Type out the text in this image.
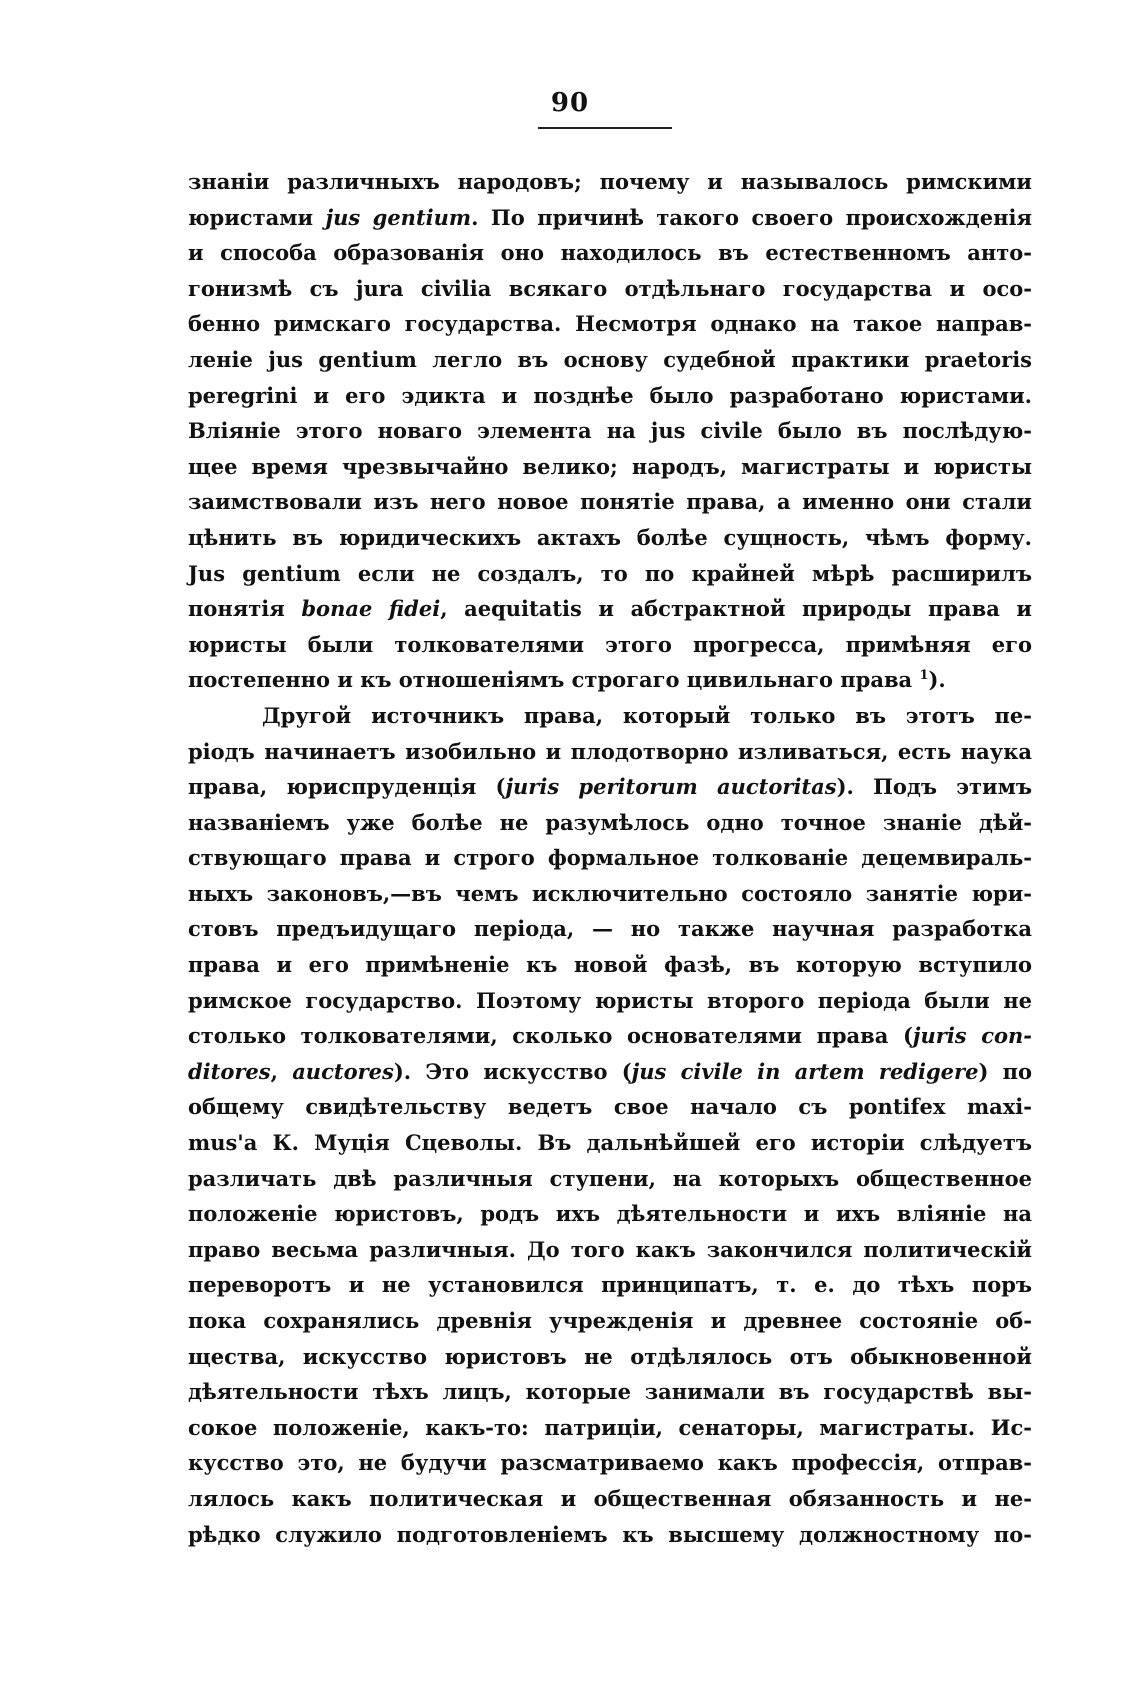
90
знанiи различныхъ народовъ; почему и называлось римскими
юристами jus gentium. По причинѣ такого своего происхожденiя
и способа образованiя оно находилось въ естественномъ анто-
гонизмѣ съ jura civilia всякаго отдѣльнаго государства и осо-
бенно римскаго государства. Несмотря однако на такое направ-
ленiе jus gentium легло въ основу судебной практики praetoris
peregrini и его эдикта и позднѣе было разработано юристами.
Влiянiе этого новаго элемента на jus civile было въ послѣдую-
щее время чрезвычайно велико; народъ, магистраты и юристы
заимствовали изъ него новое понятiе права, а именно они стали
цѣнить въ юридическихъ актахъ болѣе сущность, чѣмъ форму.
Jus gentium если не создалъ, то по крайней мѣрѣ расширилъ
понятiя bonae fidei, aequitatis и абстрактной природы права и
юристы были толкователями этого прогресса, примѣняя его
постепенно и къ отношенiямъ строгаго цивильнаго права $^1$).
Другой источникъ права, который только въ этотъ пе-
рiодъ начинаетъ изобильно и плодотворно изливаться, есть наука
права, юриспруденцiя (juris peritorum auctoritas). Подъ этимъ
названiемъ уже болѣе не разумѣлось одно точное знанiе дѣй-
ствующаго права и строго формальное толкованiе децемвираль-
ныхъ законовъ,—въ чемъ исключительно состояло занятiе юри-
стовъ предъидущаго перiода, — но также научная разработка
права и его примѣненiе къ новой фазѣ, въ которую вступило
римское государство. Поэтому юристы второго перiода были не
столько толкователями, сколько основателями права (juris con-
ditores, auctores). Это искусство (jus civile in artem redigere) по
общему свидѣтельству ведетъ свое начало съ pontifex maxi-
mus'а К. Муцiя Сцеволы. Въ дальнѣйшей его исторiи слѣдуетъ
различать двѣ различныя ступени, на которыхъ общественное
положенiе юристовъ, родъ ихъ дѣятельности и ихъ влiянiе на
право весьма различныя. До того какъ закончился политическiй
переворотъ и не установился принципатъ, т. е. до тѣхъ поръ
пока сохранялись древнiя учрежденiя и древнее состоянiе об-
щества, искусство юристовъ не отдѣлялось отъ обыкновенной
дѣятельности тѣхъ лицъ, которые занимали въ государствѣ вы-
сокое положенiе, какъ-то: патрицiи, сенаторы, магистраты. Ис-
кусство это, не будучи разсматриваемо какъ профессiя, отправ-
лялось какъ политическая и общественная обязанность и не-
рѣдко служило подготовленiемъ къ высшему должностному по-
